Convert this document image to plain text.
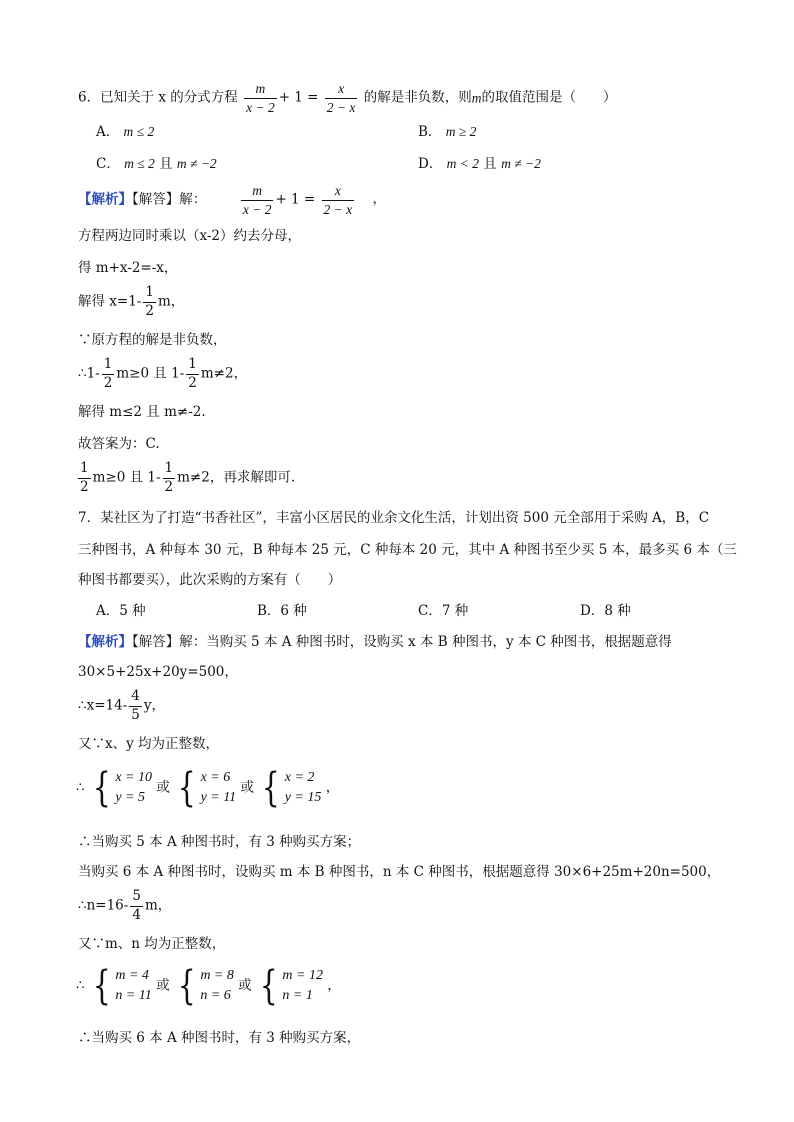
6．已知关于 x 的分式方程 $\frac{m}{x - 2} + 1 = \frac{x}{2 - x}$ 的解是非负数，则m的取值范围是（　　）
A． m ≤ 2	B． m ≥ 2
C． m ≤ 2 且 m ≠ −2	D． m < 2 且 m ≠ −2
【解析】【解答】解：	$\frac{m}{x - 2} + 1 = \frac{x}{2 - x}$ ，
方程两边同时乘以（x-2）约去分母，
得 m+x-2=-x，
解得 $x=1- \frac{1}{2}$ m，
∵原方程的解是非负数，
∴1- $\frac{1}{2} m\ge 0$ 且 $1- \frac{1}{2} m\ne 2$，
解得 m≤2 且 m≠-2.
故答案为：C.
$\frac{1}{2} m\ge 0$ 且 $1- \frac{1}{2} m\ne 2$，再求解即可.
7．某社区为了打造“书香社区”，丰富小区居民的业余文化生活，计划出资 500 元全部用于采购 A，B，C
三种图书，A 种每本 30 元，B 种每本 25 元，C 种每本 20 元，其中 A 种图书至少买 5 本，最多买 6 本（三
种图书都要买），此次采购的方案有（　　）
A．5 种	B．6 种	C．7 种	D．8 种
【解析】【解答】解：当购买 5 本 A 种图书时，设购买 x 本 B 种图书，y 本 C 种图书，根据题意得
30×5+25x+20y=500，
∴x=14- $\frac{4}{5}$ y，
又∵x、y 均为正整数，
∴ { x = 10
y = 5
或 { x = 6
y = 11
或 { x = 2
y = 15
，
∴当购买 5 本 A 种图书时，有 3 种购买方案；
当购买 6 本 A 种图书时，设购买 m 本 B 种图书，n 本 C 种图书，根据题意得 30×6+25m+20n=500，
∴n=16- $\frac{5}{4}$ m，
又∵m、n 均为正整数，
∴ { m = 4
n = 11
或 { m = 8
n = 6
或 { m = 12
n = 1
，
∴当购买 6 本 A 种图书时，有 3 种购买方案，
